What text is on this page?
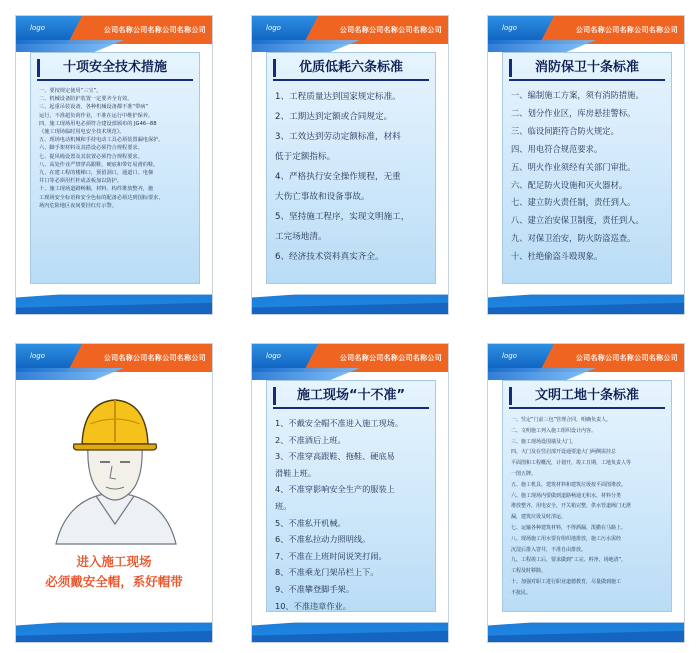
logo	公司名称公司名称公司名称公司
十项安全技术措施
一、要按规定使用“三宝”。
二、机械设备防护装置一定要齐全有效。
三、起重吊装设备，各种机械设备都不准“带病”
运行，不准超负荷作业，不准在运行中维护保养。
四、施工现场用电必须符合建设部颁布的 JG46--88
《施工现场临时用电安全技术规范》。
五、现场电动机械和手持电动工具必须装置漏电保护。
六、脚手架材料及其搭设必须符合规程要求。
七、提风绳设置及其装置必须符合规程要求。
八、高处作业严禁穿高跟鞋、硬底和带钉易滑的鞋。
九、在建工程的楼梯口，预留洞口，通道口、电梯
井口等必须用栏杆或盖板加以防护。
十、施工现场道路畅顺，材料、构件堆放整齐，施
工现场安全标语和安全色标的配备必须达到国标要求，
场内危险地区夜间要挂红灯示警。
logo	公司名称公司名称公司名称公司
优质低耗六条标准
1、工程质量达到国家规定标准。
2、工期达到定额或合同规定。
3、工效达到劳动定额标准，材料
低于定额指标。
4、严格执行安全操作规程，无重
大伤亡事故和设备事故。
5、坚持施工程序，实现文明施工，
工完场地清。
6、经济技术资料真实齐全。
logo	公司名称公司名称公司名称公司
消防保卫十条标准
一、编制施工方案，须有消防措施。
二、划分作业区，库房悬挂警标。
三、临设间距符合防火规定。
四、用电符合规范要求。
五、明火作业须经有关部门审批。
六、配足防火设施和灭火器材。
七、建立防火责任制，责任到人。
八、建立治安保卫制度，责任到人。
九、对保卫治安，防火防盗巡查。
十、杜绝偷盗斗殴现象。
logo	公司名称公司名称公司名称公司
进入施工现场
必须戴安全帽，系好帽带
logo	公司名称公司名称公司名称公司
施工现场“十不准”
1、不戴安全帽不准进入施工现场。
2、不准酒后上班。
3、不准穿高跟鞋、拖鞋、硬底易
滑鞋上班。
4、不准穿影响安全生产的服装上
班。
5、不准私开机械。
6、不准私拉动力照明线。
7、不准在上班时间说笑打闹。
8、不准乘龙门架吊栏上下。
9、不准攀登脚手架。
10、不准违章作业。
logo	公司名称公司名称公司名称公司
文明工地十条标准
一、竖定“门前三包”管理合同，明确负责人。
二、文明施工列入施工组织设计内容。
三、施工现场设围墙及大门。
四、大门及在竖启部开设通要道大门两侧需挂总
平面图和工程概况，计划开，竣工日期，工地负责人等
一图五牌。
五、施工机具、建筑材料和建筑垃圾按平面图堆放。
六、施工现场内要做到道路畅通无积水，材料分类
堆放整齐，用电安全，开关箱完整，供水管道阀门无泄
漏，建筑垃圾及时清运。
七、运输各种建筑材料，不得洒漏，泼撒在马路上。
八、现场施工用水要有组织地排放，施工污水需经
沉淀后排入窨井，不准自由排放。
九、工程竣工后，要求做到“工完、料净、场地清”，
工程及时移除。
十、加强对职工进行职业道德教育，尽量做到施工
不扰民。
